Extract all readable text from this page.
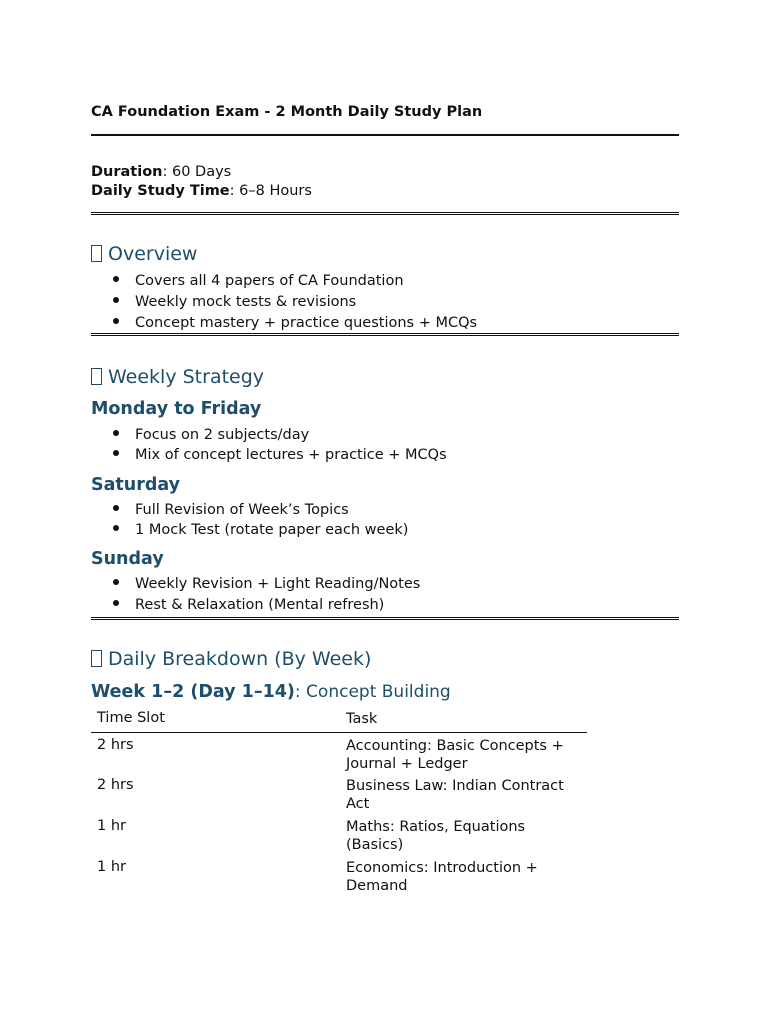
CA Foundation Exam - 2 Month Daily Study Plan
Duration: 60 Days
Daily Study Time: 6–8 Hours
Overview
Covers all 4 papers of CA Foundation
Weekly mock tests & revisions
Concept mastery + practice questions + MCQs
Weekly Strategy
Monday to Friday
Focus on 2 subjects/day
Mix of concept lectures + practice + MCQs
Saturday
Full Revision of Week’s Topics
1 Mock Test (rotate paper each week)
Sunday
Weekly Revision + Light Reading/Notes
Rest & Relaxation (Mental refresh)
Daily Breakdown (By Week)
Week 1–2 (Day 1–14): Concept Building
Time Slot	Task
2 hrs	Accounting: Basic Concepts + Journal + Ledger
2 hrs	Business Law: Indian Contract Act
1 hr	Maths: Ratios, Equations (Basics)
1 hr	Economics: Introduction + Demand
